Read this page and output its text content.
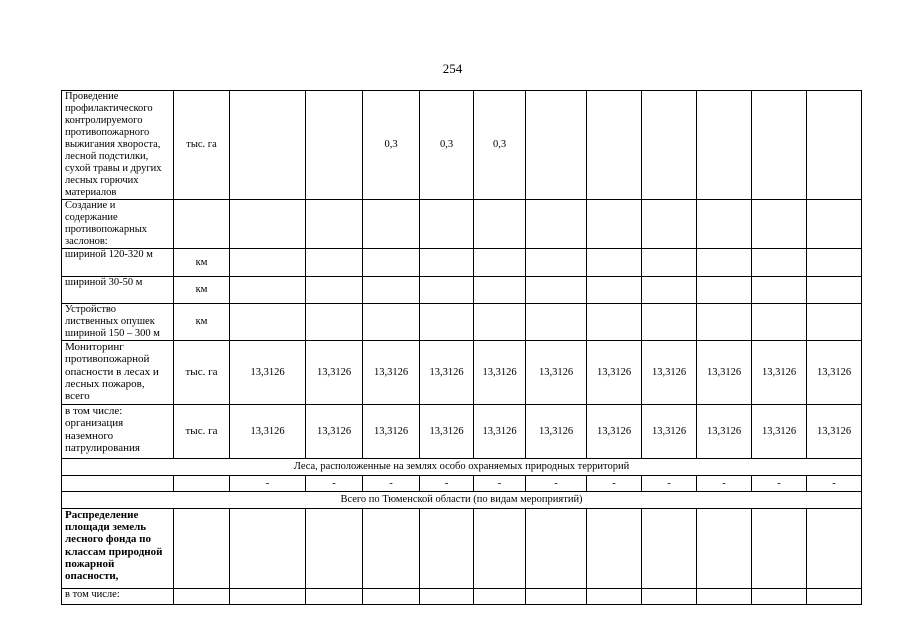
254
Проведение профилактического контролируемого противопожарного выжигания хвороста, лесной подстилки, сухой травы и других лесных горючих материалов	тыс. га			0,3	0,3	0,3						
Создание и содержание противопожарных заслонов:												
шириной 120-320 м	км											
шириной 30-50 м	км											
Устройство лиственных опушек шириной 150 – 300 м	км											
Мониторинг противопожарной опасности в лесах и лесных пожаров, всего	тыс. га	13,3126	13,3126	13,3126	13,3126	13,3126	13,3126	13,3126	13,3126	13,3126	13,3126	13,3126
в том числе: организация наземного патрулирования	тыс. га	13,3126	13,3126	13,3126	13,3126	13,3126	13,3126	13,3126	13,3126	13,3126	13,3126	13,3126
Леса, расположенные на землях особо охраняемых природных территорий												
		-	-	-	-	-	-	-	-	-	-	-
Всего по Тюменской области (по видам мероприятий)												
Распределение площади земель лесного фонда по классам природной пожарной опасности,												
в том числе:												
